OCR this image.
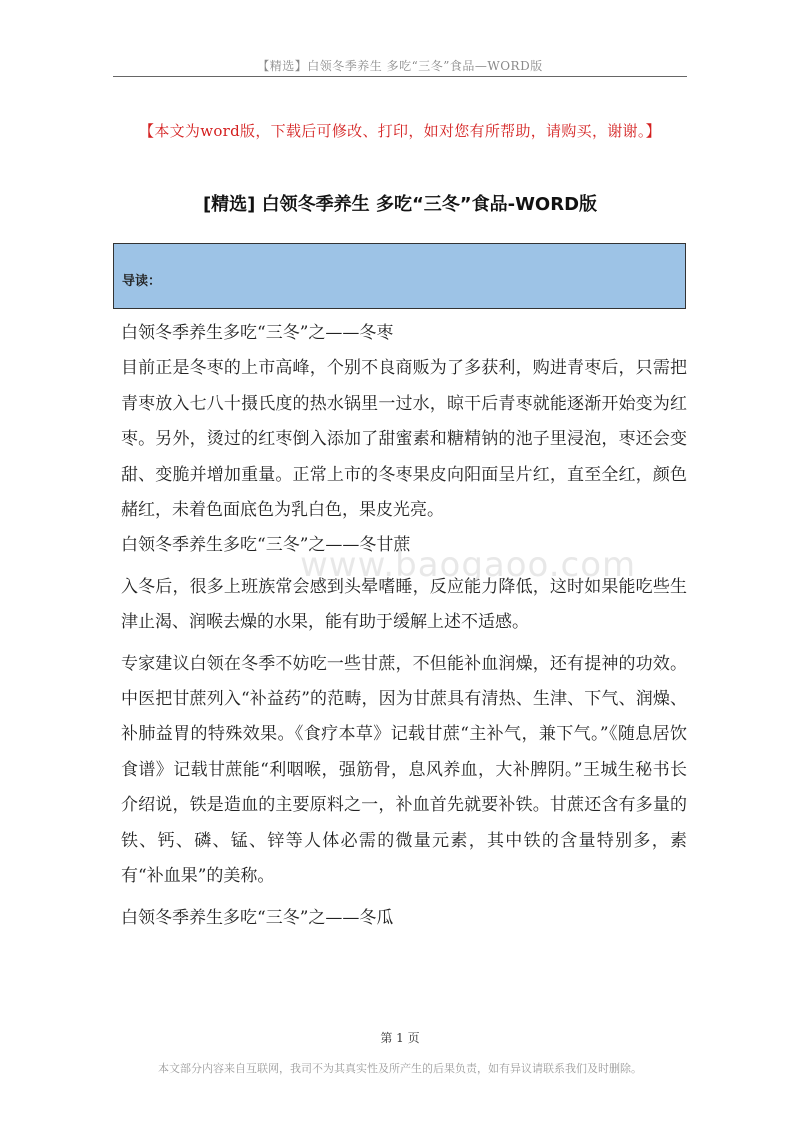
【精选】白领冬季养生 多吃“三冬”食品—WORD版
【本文为word版，下载后可修改、打印，如对您有所帮助，请购买，谢谢。】
[精选] 白领冬季养生 多吃“三冬”食品-WORD版
导读：

白领冬季养生多吃“三冬”之——冬枣

目前正是冬枣的上市高峰，个别不良商贩为了多获利，购进青枣后，只需把青枣放入七八十摄氏度的热水锅里一过水，晾干后青枣就能逐渐开始变为红枣。另外，烫过的红枣倒入添加了甜蜜素和糖精钠的池子里浸泡，枣还会变甜、变脆并增加重量。正常上市的冬枣果皮向阳面呈片红，直至全红，颜色赭红，未着色面底色为乳白色，果皮光亮。

白领冬季养生多吃“三冬”之——冬甘蔗

入冬后，很多上班族常会感到头晕嗜睡，反应能力降低，这时如果能吃些生津止渴、润喉去燥的水果，能有助于缓解上述不适感。

专家建议白领在冬季不妨吃一些甘蔗，不但能补血润燥，还有提神的功效。中医把甘蔗列入“补益药”的范畴，因为甘蔗具有清热、生津、下气、润燥、补肺益胃的特殊效果。《食疗本草》记载甘蔗“主补气，兼下气。”《随息居饮食谱》记载甘蔗能“利咽喉，强筋骨，息风养血，大补脾阴。”王城生秘书长介绍说，铁是造血的主要原料之一，补血首先就要补铁。甘蔗还含有多量的铁、钙、磷、锰、锌等人体必需的微量元素，其中铁的含量特别多，素有“补血果”的美称。

白领冬季养生多吃“三冬”之——冬瓜

www.baogaoo.com
第 1 页
本文部分内容来自互联网，我司不为其真实性及所产生的后果负责，如有异议请联系我们及时删除。
